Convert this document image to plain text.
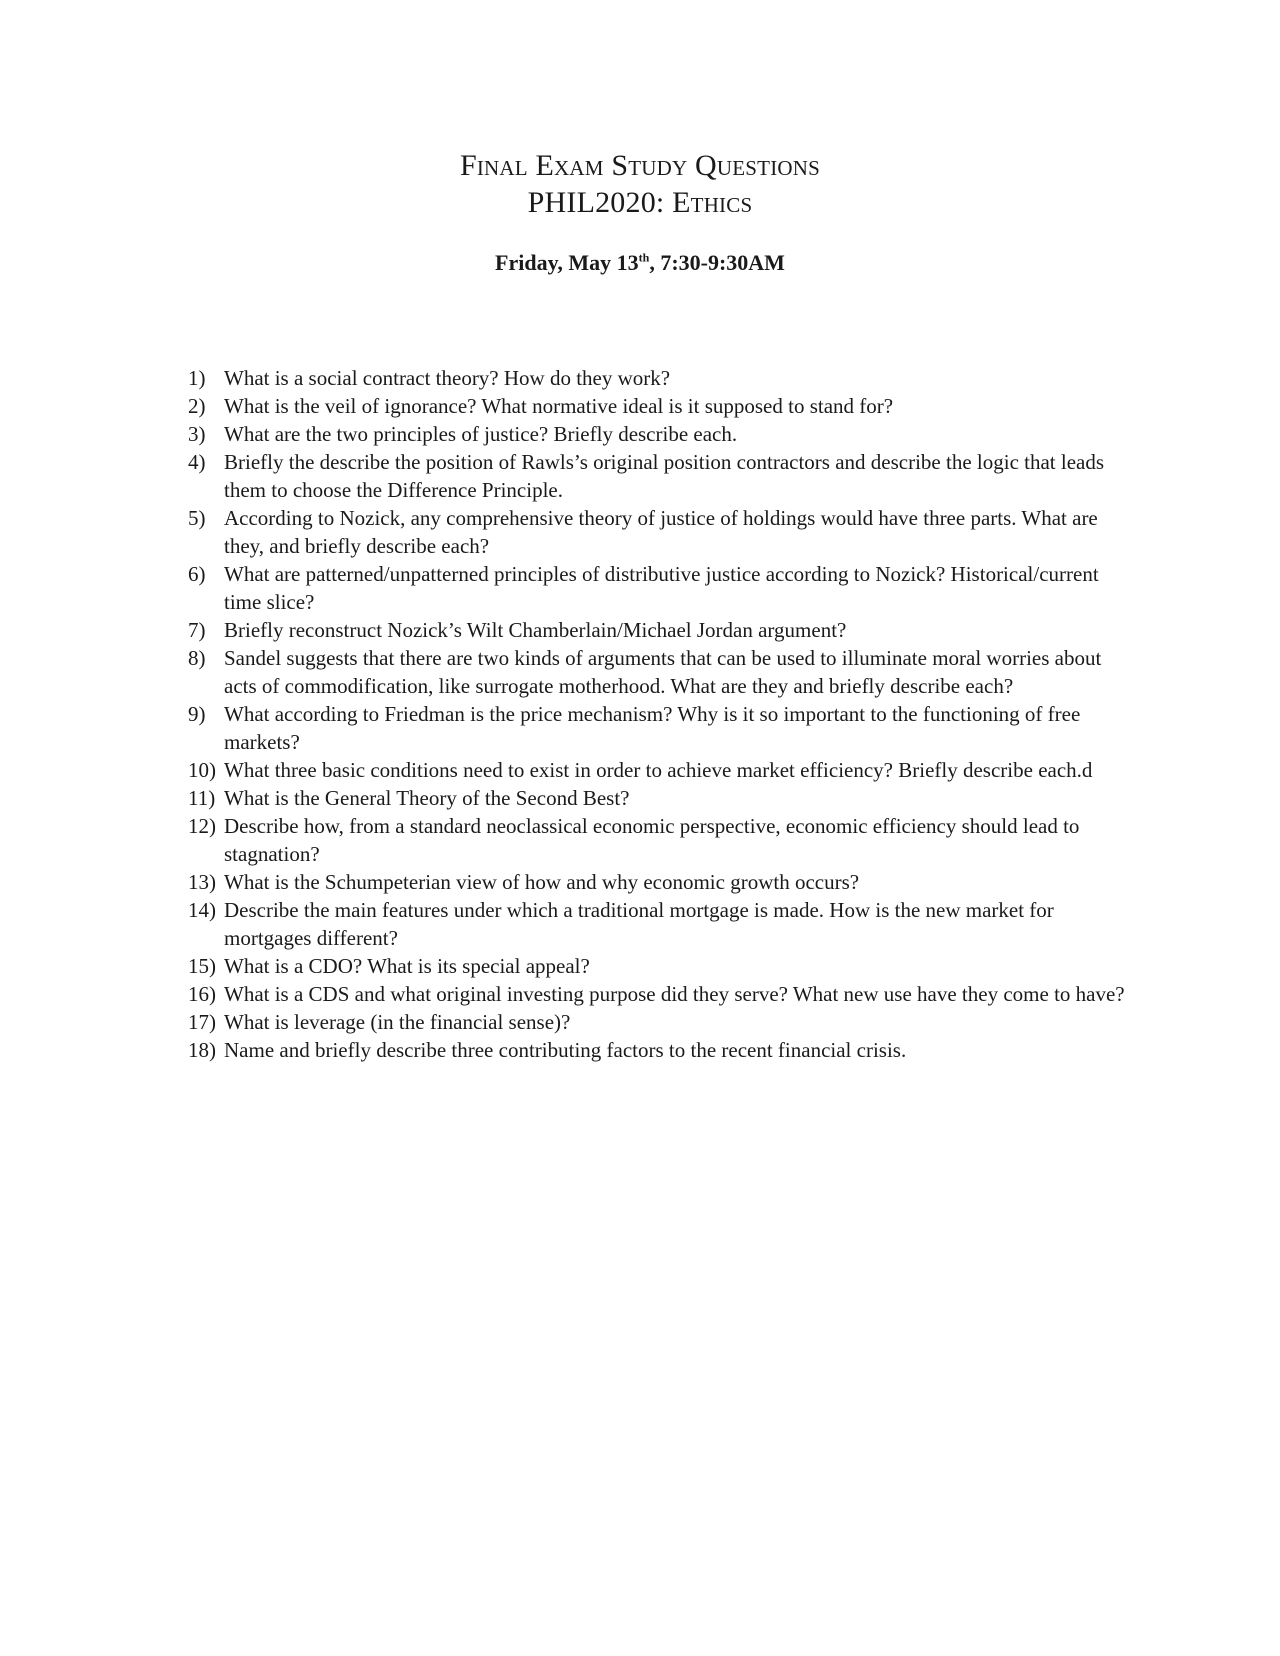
Final Exam Study Questions
PHIL2020: Ethics
Friday, May 13th, 7:30-9:30AM
1) What is a social contract theory? How do they work?
2) What is the veil of ignorance? What normative ideal is it supposed to stand for?
3) What are the two principles of justice? Briefly describe each.
4) Briefly the describe the position of Rawls’s original position contractors and describe the logic that leads them to choose the Difference Principle.
5) According to Nozick, any comprehensive theory of justice of holdings would have three parts. What are they, and briefly describe each?
6) What are patterned/unpatterned principles of distributive justice according to Nozick? Historical/current time slice?
7) Briefly reconstruct Nozick’s Wilt Chamberlain/Michael Jordan argument?
8) Sandel suggests that there are two kinds of arguments that can be used to illuminate moral worries about acts of commodification, like surrogate motherhood. What are they and briefly describe each?
9) What according to Friedman is the price mechanism? Why is it so important to the functioning of free markets?
10) What three basic conditions need to exist in order to achieve market efficiency? Briefly describe each.d
11) What is the General Theory of the Second Best?
12) Describe how, from a standard neoclassical economic perspective, economic efficiency should lead to stagnation?
13) What is the Schumpeterian view of how and why economic growth occurs?
14) Describe the main features under which a traditional mortgage is made. How is the new market for mortgages different?
15) What is a CDO? What is its special appeal?
16) What is a CDS and what original investing purpose did they serve? What new use have they come to have?
17) What is leverage (in the financial sense)?
18) Name and briefly describe three contributing factors to the recent financial crisis.
